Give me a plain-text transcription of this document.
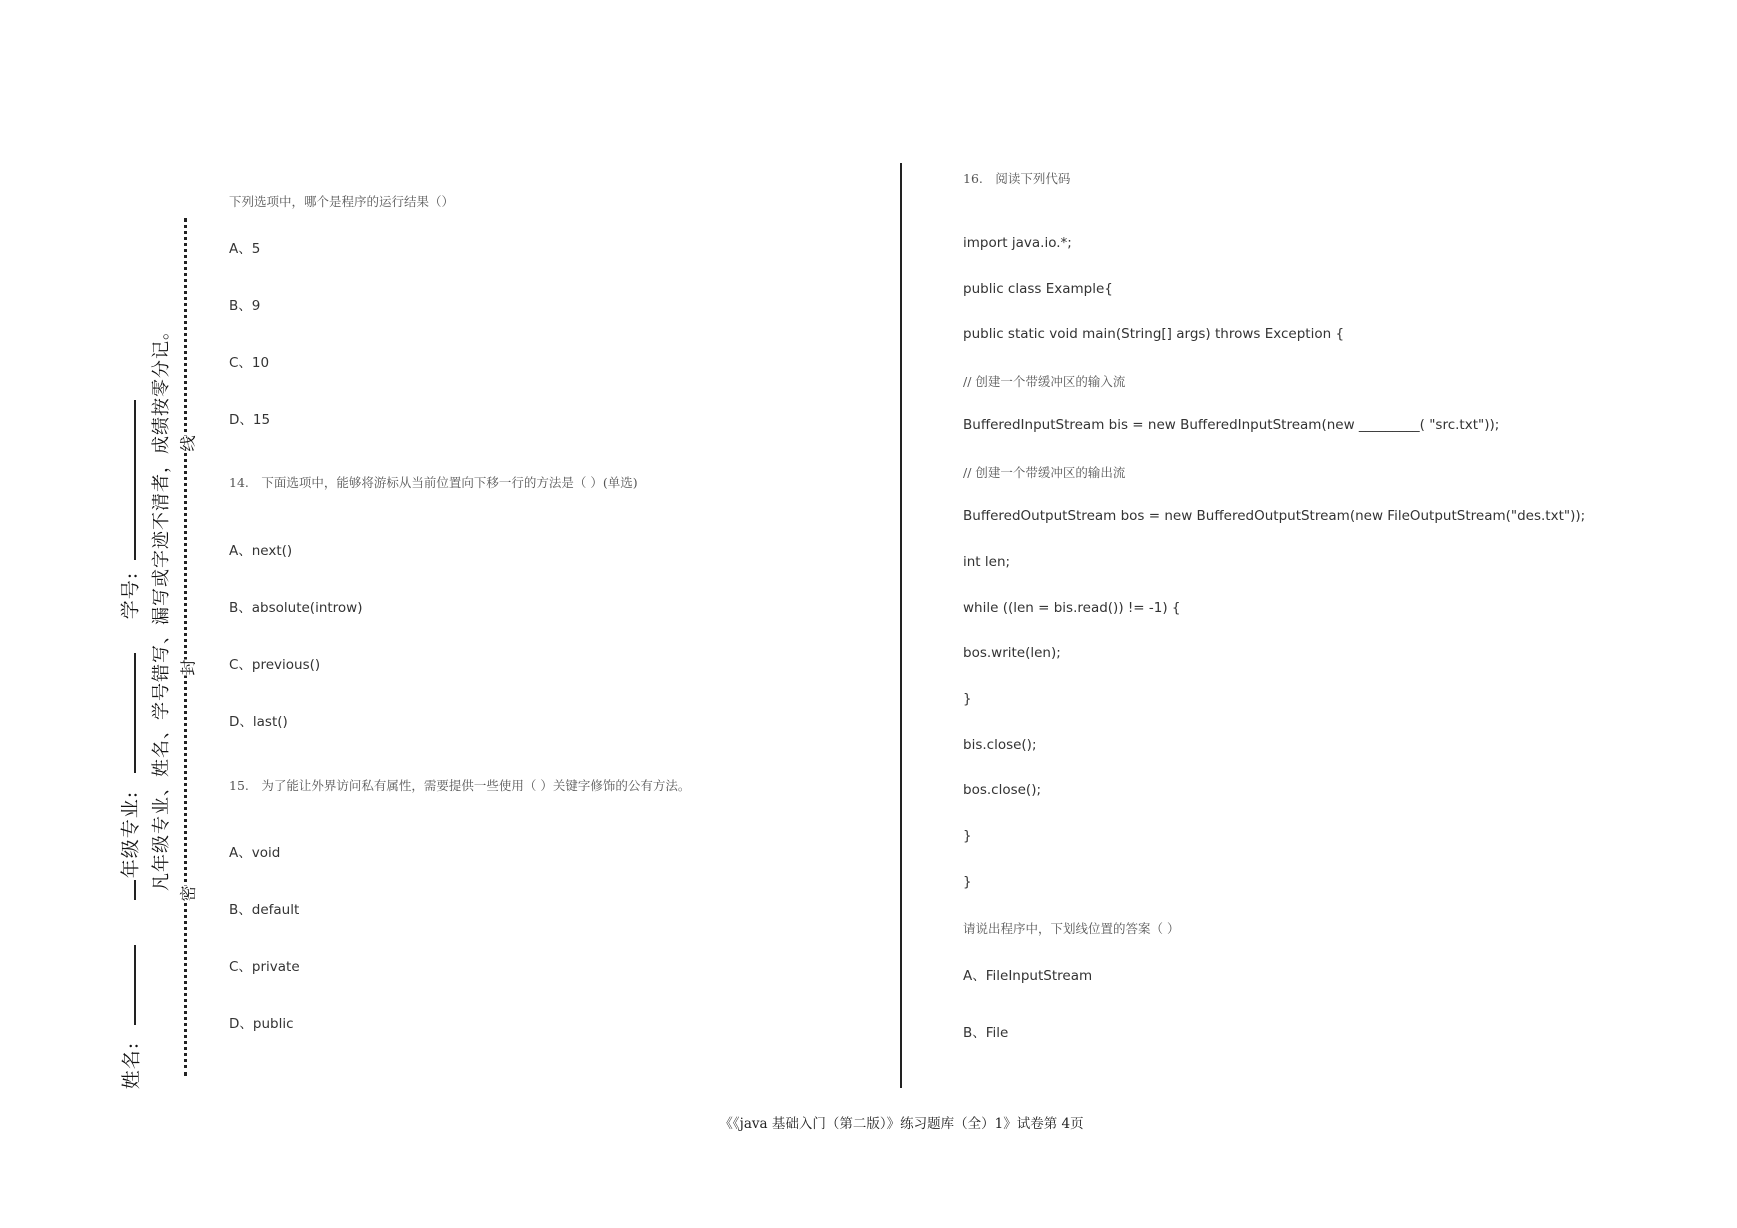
姓名:
年级专业:
学号: 凡年级专业、姓名、学号错写、漏写或字迹不清者，成绩按零分记。
密
封
线
下列选项中，哪个是程序的运行结果（）
A、5
B、9
C、10
D、15
14.　下面选项中，能够将游标从当前位置向下移一行的方法是（ ）(单选)
A、next()
B、absolute(introw)
C、previous()
D、last()
15.　为了能让外界访问私有属性，需要提供一些使用（ ）关键字修饰的公有方法。
A、void
B、default
C、private
D、public
16.　阅读下列代码
import java.io.*;
public class Example{
public static void main(String[] args) throws Exception {
// 创建一个带缓冲区的输入流
BufferedInputStream bis = new BufferedInputStream(new _________( "src.txt"));
// 创建一个带缓冲区的输出流
BufferedOutputStream bos = new BufferedOutputStream(new FileOutputStream("des.txt"));
int len;
while ((len = bis.read()) != -1) {
bos.write(len);
}
bis.close();
bos.close();
}
}
请说出程序中，下划线位置的答案（ ）
A、FileInputStream
B、File
《《java 基础入门（第二版）》练习题库（全）1》试卷第 4页
